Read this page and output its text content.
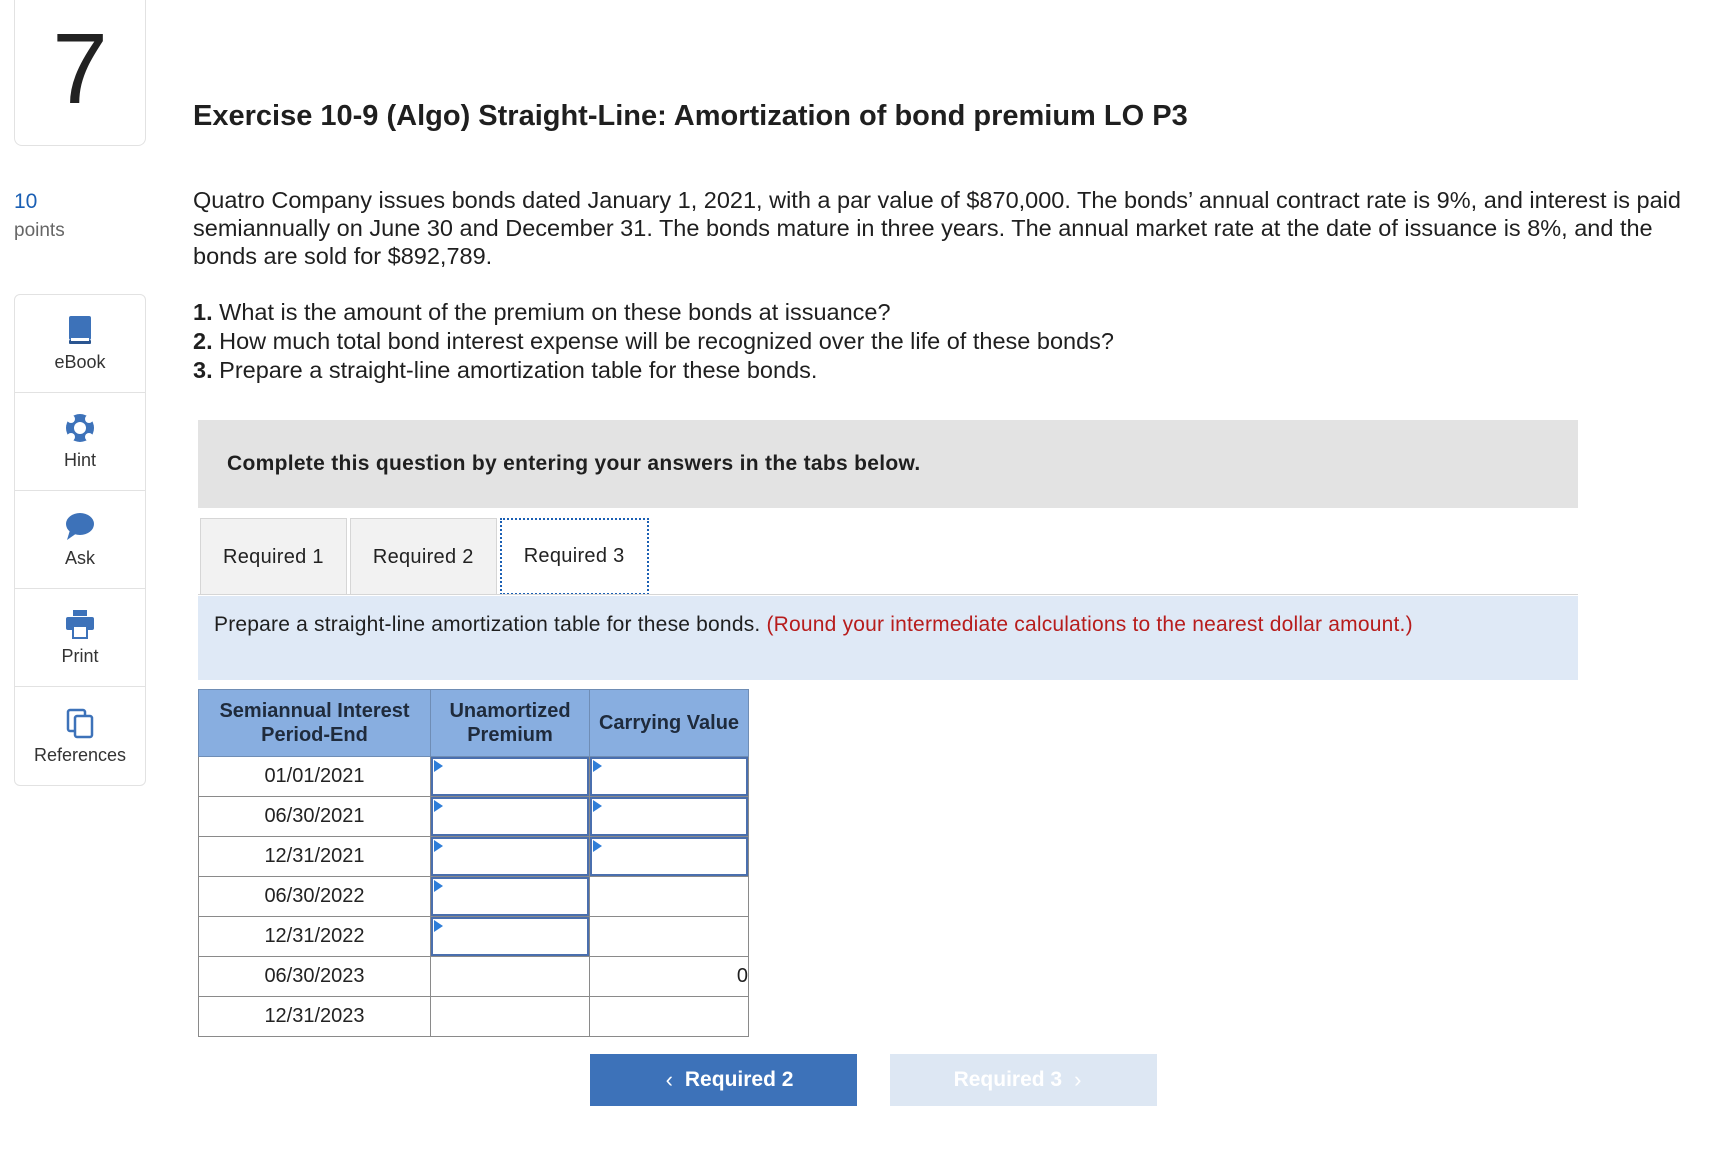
7
10
points
eBook
Hint
Ask
Print
References
Exercise 10-9 (Algo) Straight-Line: Amortization of bond premium LO P3

Quatro Company issues bonds dated January 1, 2021, with a par value of $870,000. The bonds’ annual contract rate is 9%, and interest is paid semiannually on June 30 and December 31. The bonds mature in three years. The annual market rate at the date of issuance is 8%, and the bonds are sold for $892,789.

1. What is the amount of the premium on these bonds at issuance?
2. How much total bond interest expense will be recognized over the life of these bonds?
3. Prepare a straight-line amortization table for these bonds.
Complete this question by entering your answers in the tabs below.
Required 1	Required 2	Required 3
Prepare a straight-line amortization table for these bonds. (Round your intermediate calculations to the nearest dollar amount.)
Semiannual Interest Period-End	Unamortized Premium	Carrying Value
01/01/2021	

06/30/2021	

12/31/2021	

06/30/2022	

12/31/2022	

06/30/2023		0
12/31/2023		
‹ Required 2	Required 3 ›
